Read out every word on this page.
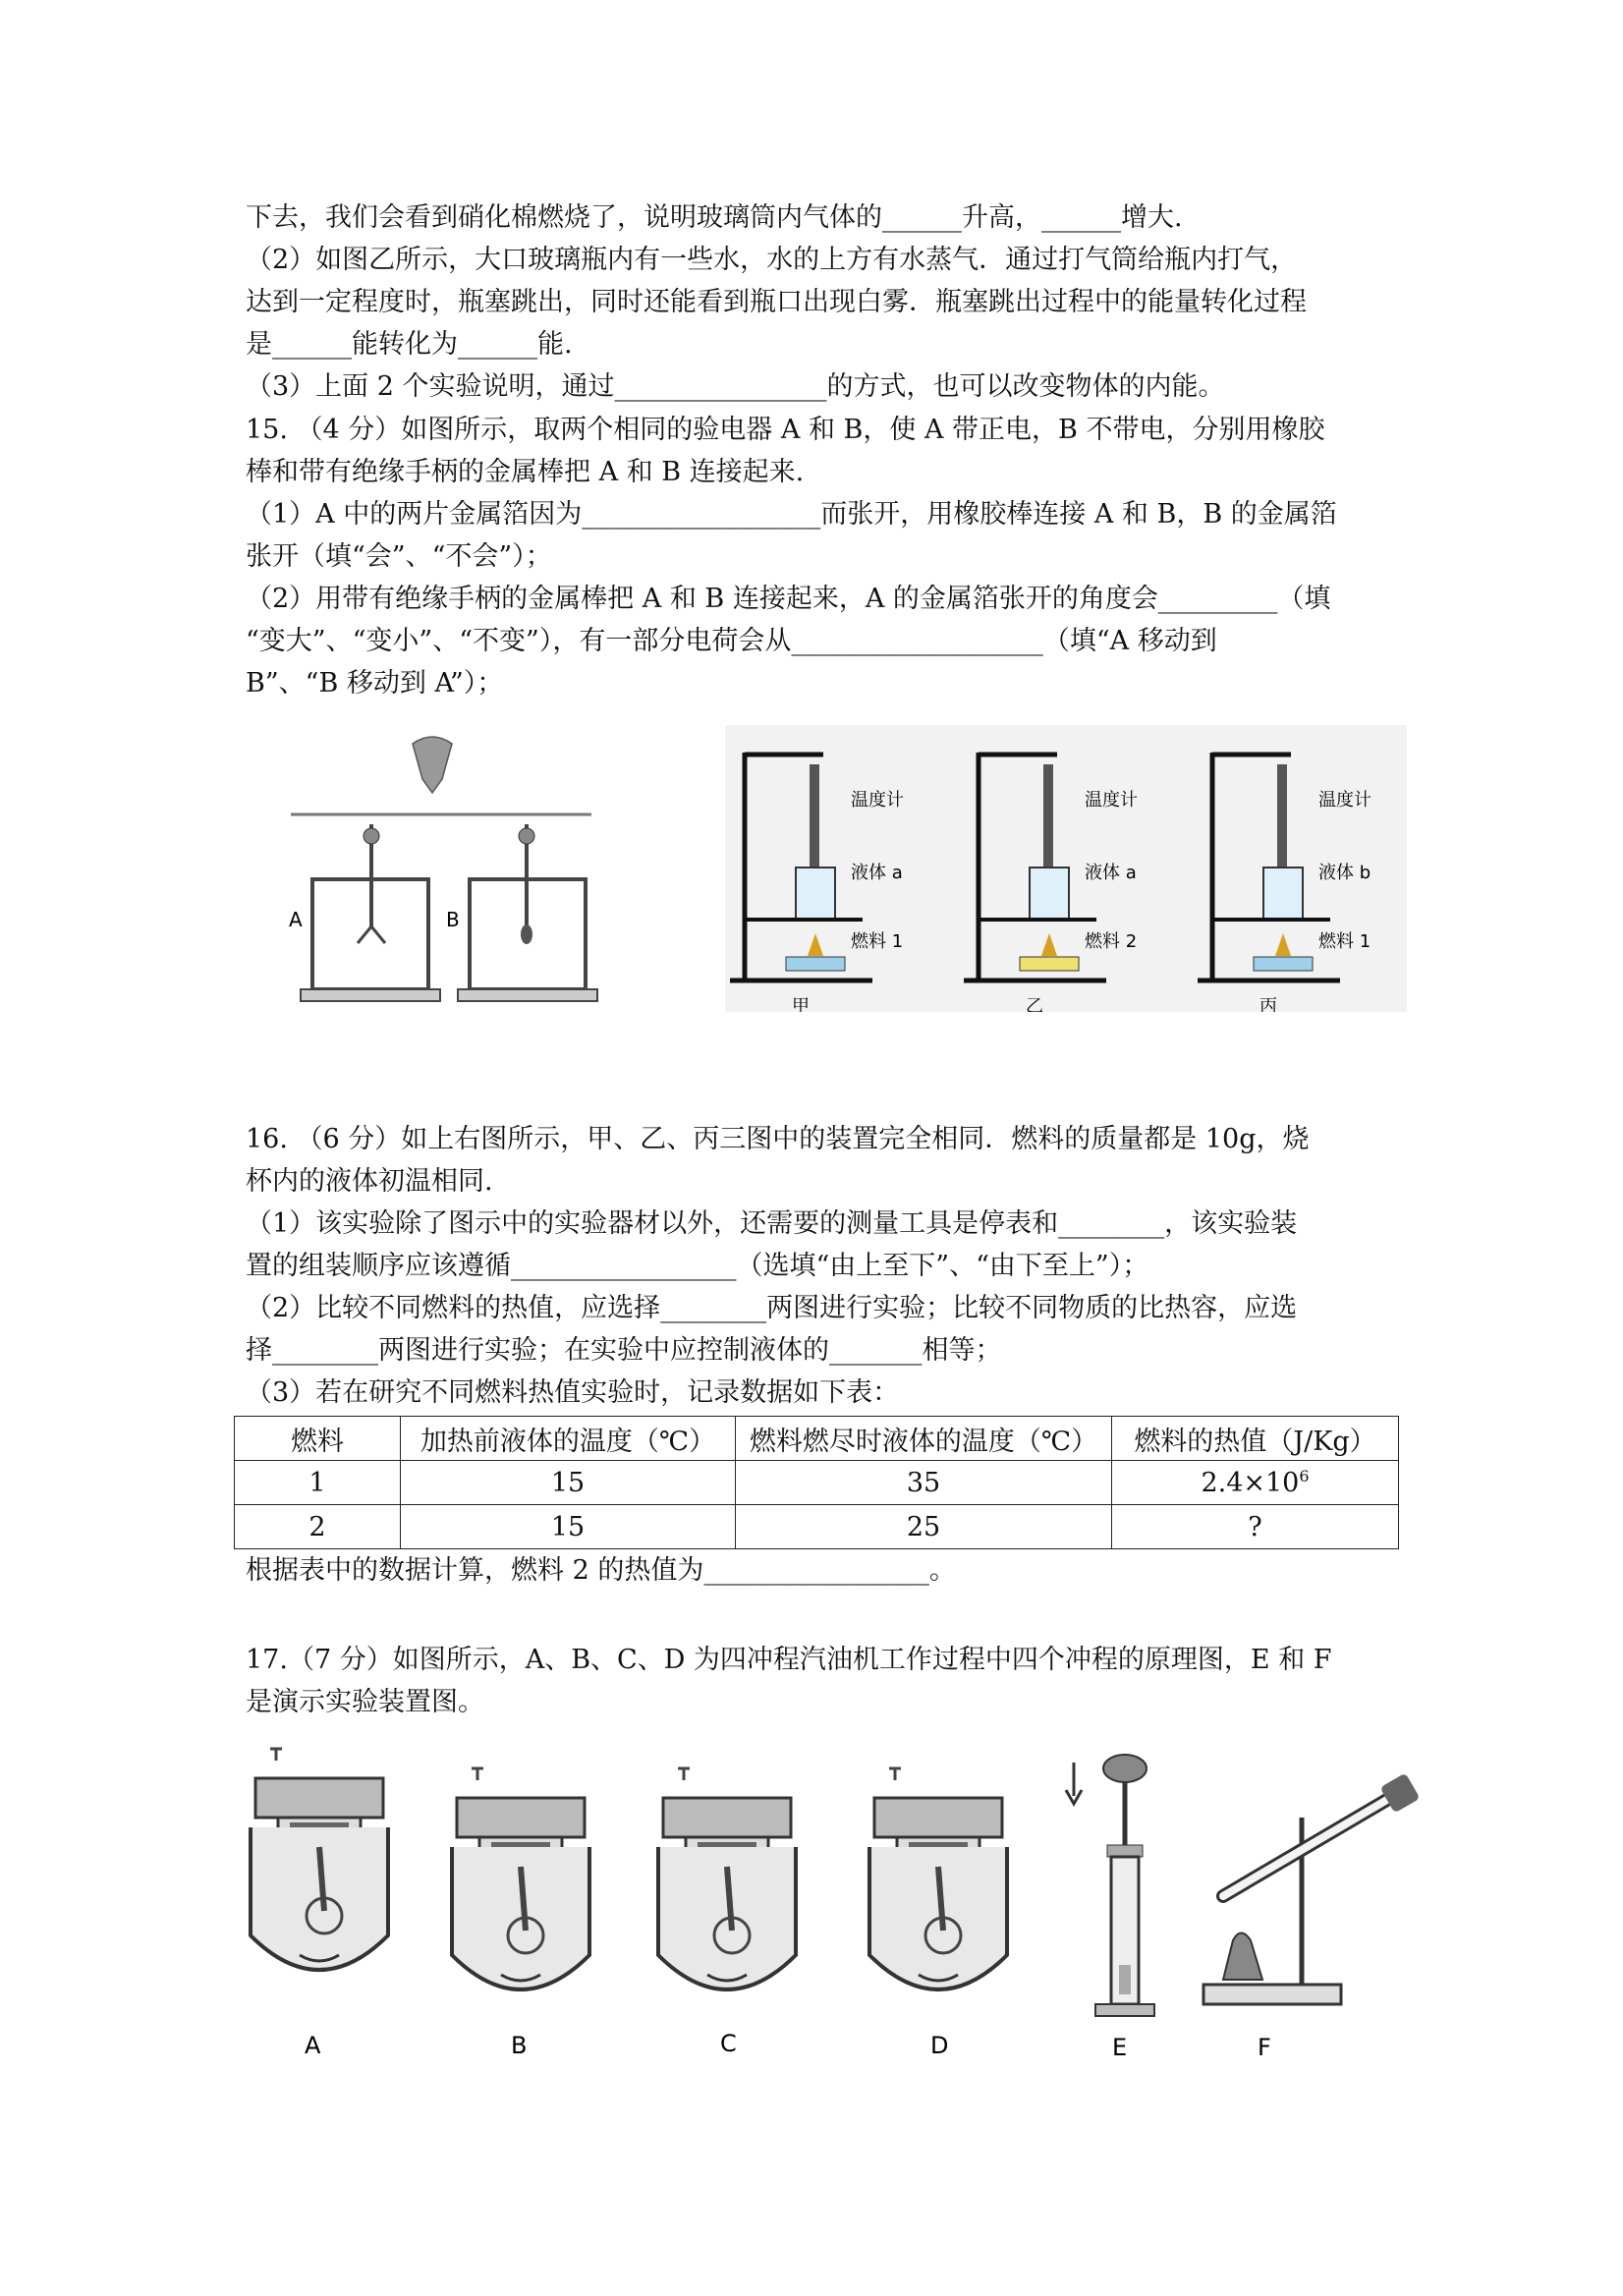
下去，我们会看到硝化棉燃烧了，说明玻璃筒内气体的______升高，______增大.
（2）如图乙所示，大口玻璃瓶内有一些水，水的上方有水蒸气．通过打气筒给瓶内打气，
达到一定程度时，瓶塞跳出，同时还能看到瓶口出现白雾．瓶塞跳出过程中的能量转化过程
是______能转化为______能.
（3）上面 2 个实验说明，通过________________的方式，也可以改变物体的内能。
15. （4 分）如图所示，取两个相同的验电器 A 和 B，使 A 带正电，B 不带电，分别用橡胶
棒和带有绝缘手柄的金属棒把 A 和 B 连接起来.
（1）A 中的两片金属箔因为__________________而张开，用橡胶棒连接 A 和 B，B 的金属箔
张开（填“会”、“不会”）；
（2）用带有绝缘手柄的金属棒把 A 和 B 连接起来，A 的金属箔张开的角度会_________（填
“变大”、“变小”、“不变”），有一部分电荷会从___________________（填“A 移动到
B”、“B 移动到 A”）；
A	B
温度计
液体 a
燃料 1
甲
温度计
液体 a
燃料 2
乙
温度计
液体 b
燃料 1
丙
16. （6 分）如上右图所示，甲、乙、丙三图中的装置完全相同．燃料的质量都是 10g，烧
杯内的液体初温相同.
（1）该实验除了图示中的实验器材以外，还需要的测量工具是停表和________，该实验装
置的组装顺序应该遵循_________________（选填“由上至下”、“由下至上”）；
（2）比较不同燃料的热值，应选择________两图进行实验；比较不同物质的比热容，应选
择________两图进行实验；在实验中应控制液体的_______相等；
（3）若在研究不同燃料热值实验时，记录数据如下表：
燃料	加热前液体的温度（℃）	燃料燃尽时液体的温度（℃）	燃料的热值（J/Kg）
1	15	35	$2.4\times 10^6$
2	15	25	?
根据表中的数据计算，燃料 2 的热值为_________________。
17.（7 分）如图所示，A、B、C、D 为四冲程汽油机工作过程中四个冲程的原理图，E 和 F
是演示实验装置图。
A	B	C	D	E	F
